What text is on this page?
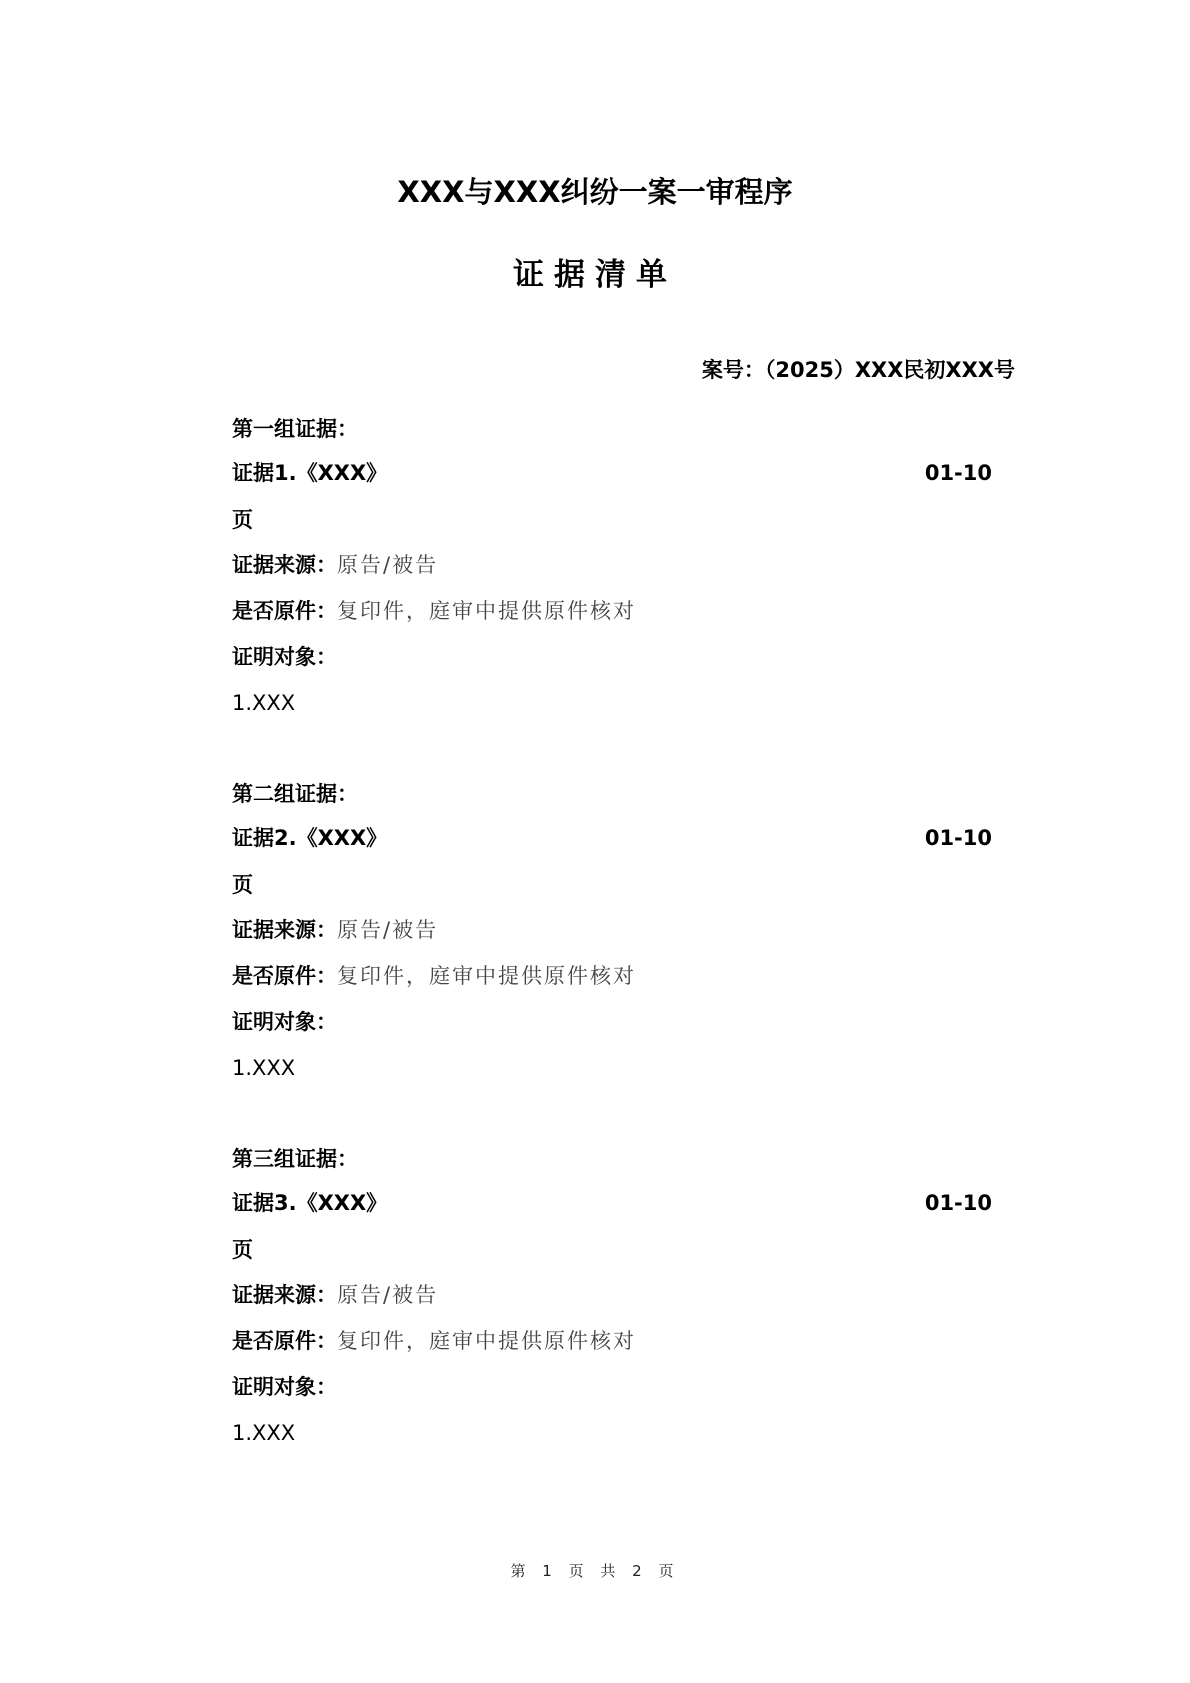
XXX与XXX纠纷一案一审程序
证据清单
案号：（2025）XXX民初XXX号
第一组证据：
证据1.《XXX》	01-10
页
证据来源：原告/被告
是否原件：复印件，庭审中提供原件核对
证明对象：
1.XXX
第二组证据：
证据2.《XXX》	01-10
页
证据来源：原告/被告
是否原件：复印件，庭审中提供原件核对
证明对象：
1.XXX
第三组证据：
证据3.《XXX》	01-10
页
证据来源：原告/被告
是否原件：复印件，庭审中提供原件核对
证明对象：
1.XXX
第 1 页 共 2 页
